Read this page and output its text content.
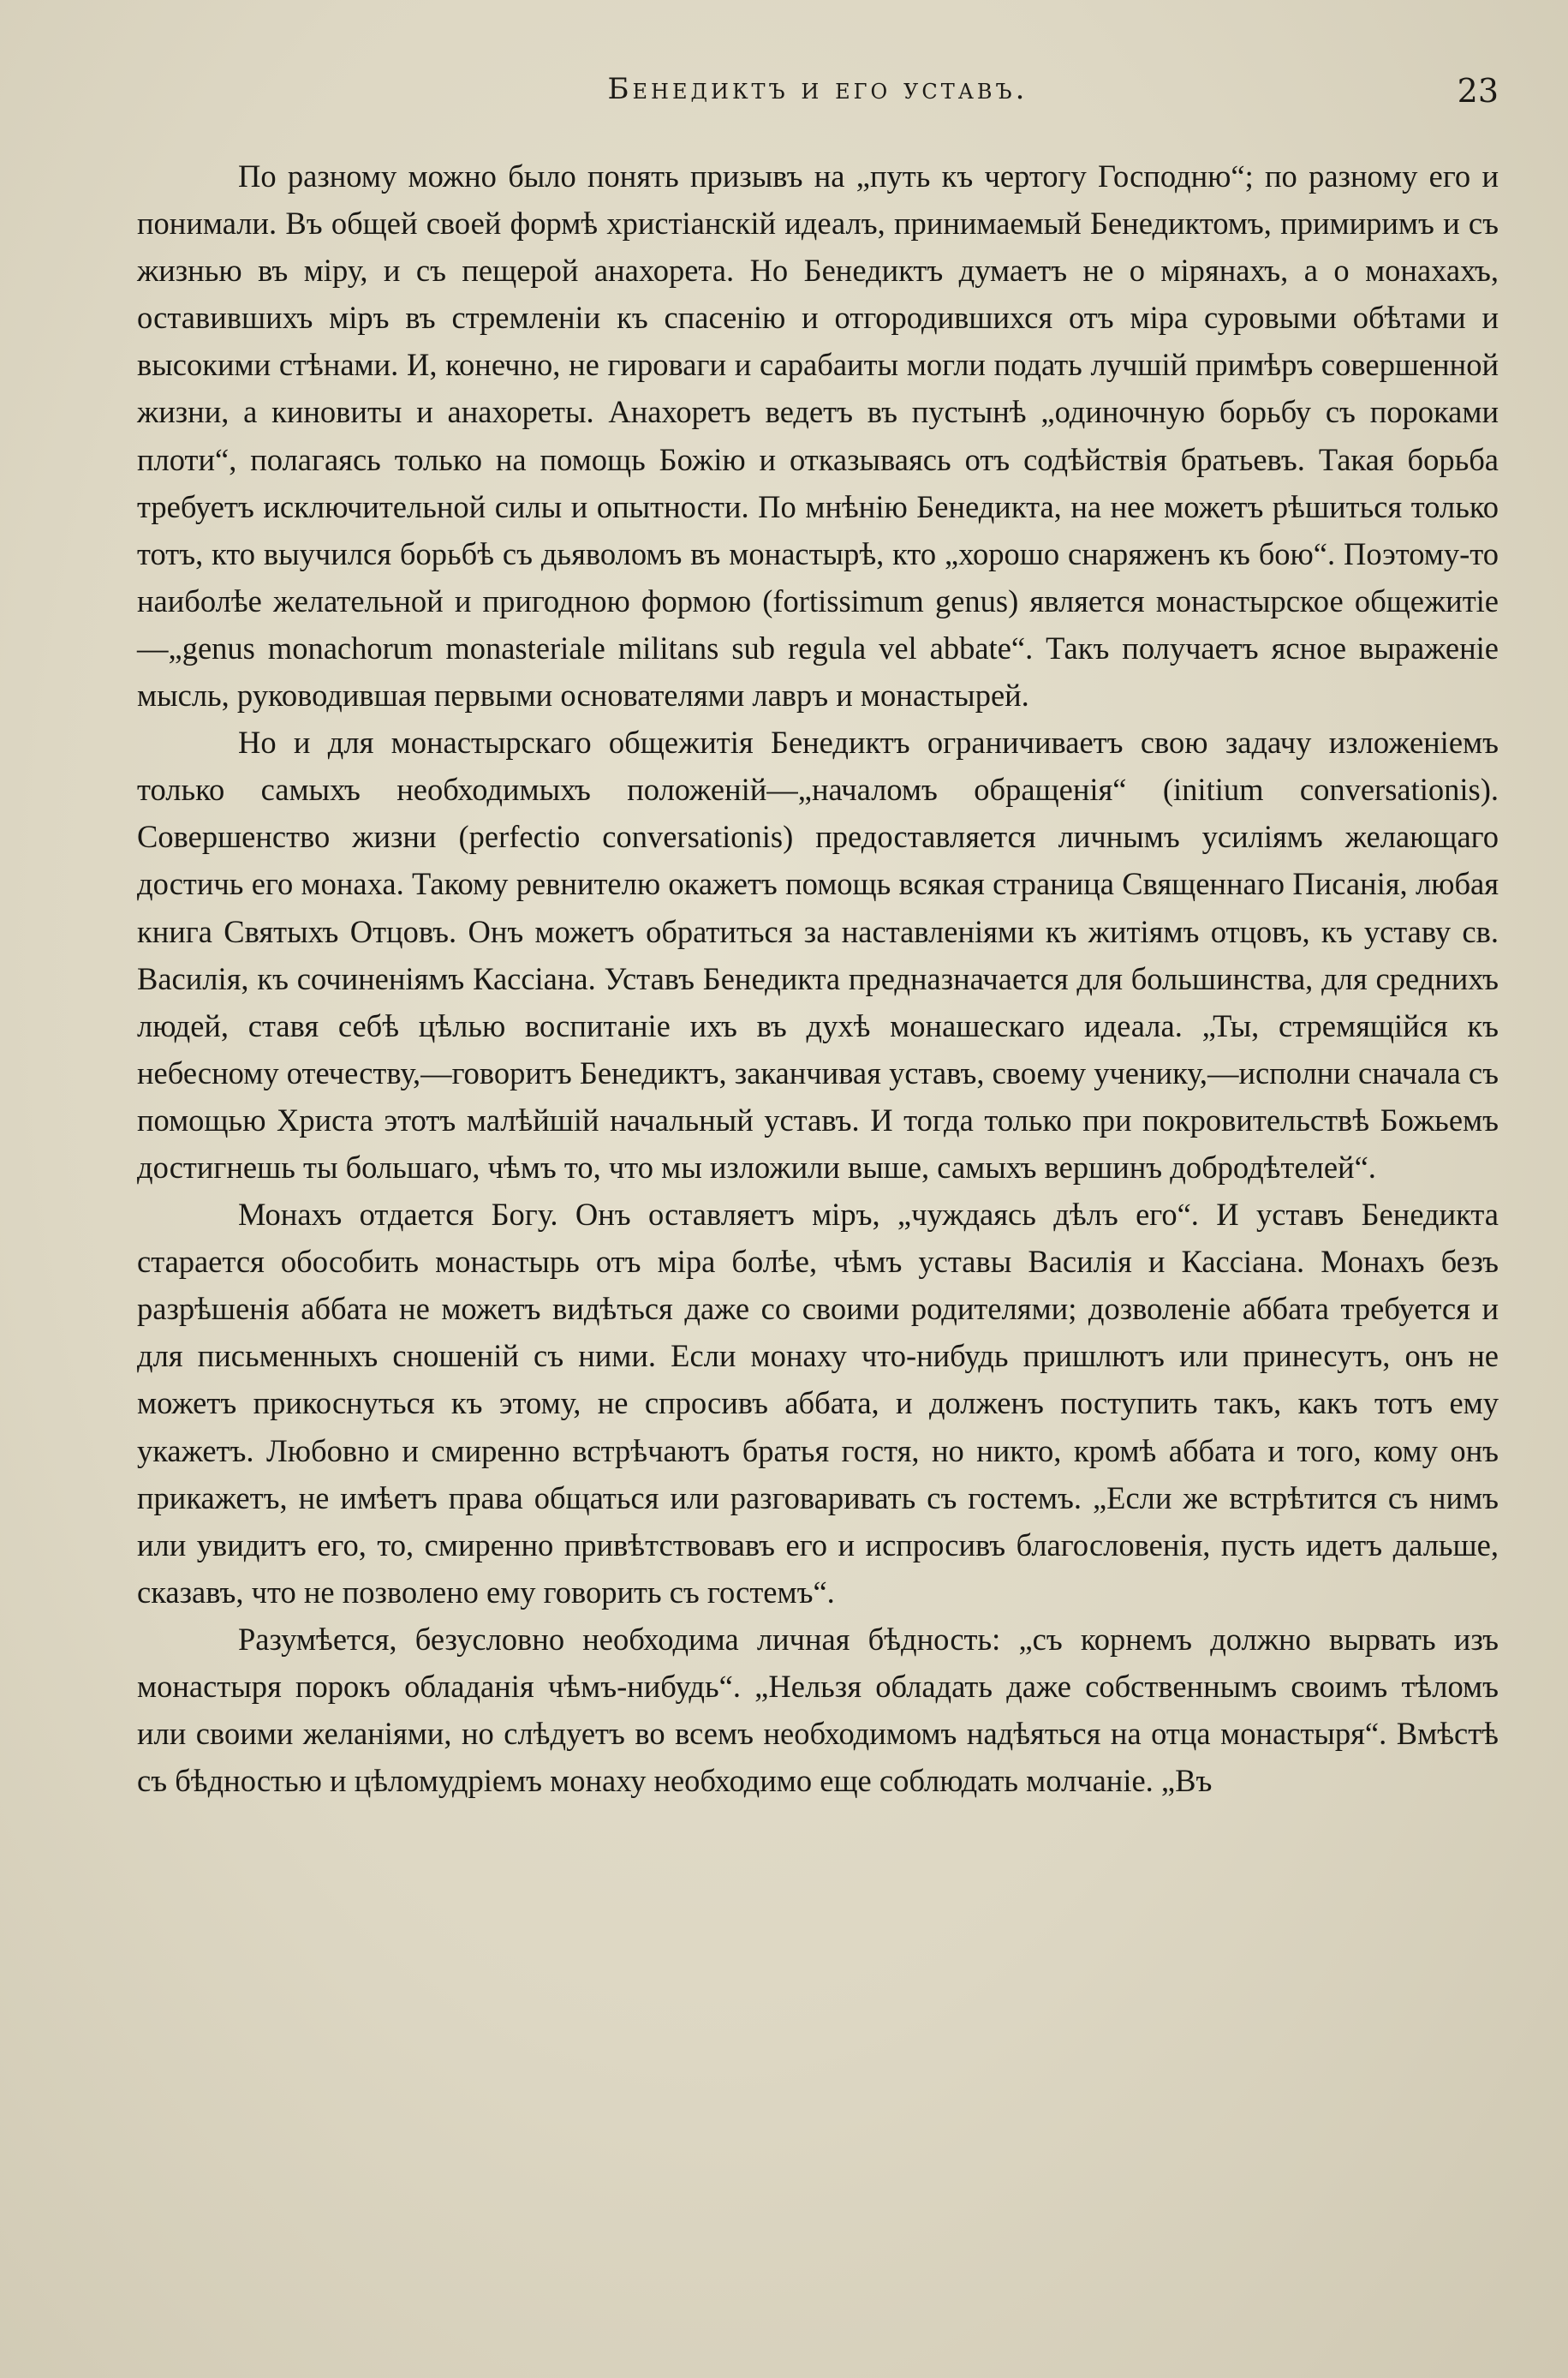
Бенедиктъ и его уставъ.	23

По разному можно было понять призывъ на „путь къ чертогу Господню“; по разному его и понимали. Въ общей своей формѣ христіанскій идеалъ, принимаемый Бенедиктомъ, примиримъ и съ жизнью въ міру, и съ пещерой анахорета. Но Бенедиктъ думаетъ не о мірянахъ, а о монахахъ, оставившихъ міръ въ стремленіи къ спасенію и отгородившихся отъ міра суровыми обѣтами и высокими стѣнами. И, конечно, не гироваги и сарабаиты могли подать лучшій примѣръ совершенной жизни, а киновиты и анахореты. Анахоретъ ведетъ въ пустынѣ „одиночную борьбу съ пороками плоти“, полагаясь только на помощь Божію и отказываясь отъ содѣйствія братьевъ. Такая борьба требуетъ исключительной силы и опытности. По мнѣнію Бенедикта, на нее можетъ рѣшиться только тотъ, кто выучился борьбѣ съ дьяволомъ въ монастырѣ, кто „хорошо снаряженъ къ бою“. Поэтому-то наиболѣе желательной и пригодною формою (fortissimum genus) является монастырское общежитіе—„genus monachorum monasteriale militans sub regula vel abbate“. Такъ получаетъ ясное выраженіе мысль, руководившая первыми основателями лавръ и монастырей.

Но и для монастырскаго общежитія Бенедиктъ ограничиваетъ свою задачу изложеніемъ только самыхъ необходимыхъ положеній—„началомъ обращенія“ (initium conversationis). Совершенство жизни (perfectio conversationis) предоставляется личнымъ усиліямъ желающаго достичь его монаха. Такому ревнителю окажетъ помощь всякая страница Священнаго Писанія, любая книга Святыхъ Отцовъ. Онъ можетъ обратиться за наставленіями къ житіямъ отцовъ, къ уставу св. Василія, къ сочиненіямъ Кассіана. Уставъ Бенедикта предназначается для большинства, для среднихъ людей, ставя себѣ цѣлью воспитаніе ихъ въ духѣ монашескаго идеала. „Ты, стремящійся къ небесному отечеству,—говоритъ Бенедиктъ, заканчивая уставъ, своему ученику,—исполни сначала съ помощью Христа этотъ малѣйшій начальный уставъ. И тогда только при покровительствѣ Божьемъ достигнешь ты большаго, чѣмъ то, что мы изложили выше, самыхъ вершинъ добродѣтелей“.

Монахъ отдается Богу. Онъ оставляетъ міръ, „чуждаясь дѣлъ его“. И уставъ Бенедикта старается обособить монастырь отъ міра болѣе, чѣмъ уставы Василія и Кассіана. Монахъ безъ разрѣшенія аббата не можетъ видѣться даже со своими родителями; дозволеніе аббата требуется и для письменныхъ сношеній съ ними. Если монаху что-нибудь пришлютъ или принесутъ, онъ не можетъ прикоснуться къ этому, не спросивъ аббата, и долженъ поступить такъ, какъ тотъ ему укажетъ. Любовно и смиренно встрѣчаютъ братья гостя, но никто, кромѣ аббата и того, кому онъ прикажетъ, не имѣетъ права общаться или разговаривать съ гостемъ. „Если же встрѣтится съ нимъ или увидитъ его, то, смиренно привѣтствовавъ его и испросивъ благословенія, пусть идетъ дальше, сказавъ, что не позволено ему говорить съ гостемъ“.

Разумѣется, безусловно необходима личная бѣдность: „съ корнемъ должно вырвать изъ монастыря порокъ обладанія чѣмъ-нибудь“. „Нельзя обладать даже собственнымъ своимъ тѣломъ или своими желаніями, но слѣдуетъ во всемъ необходимомъ надѣяться на отца монастыря“. Вмѣстѣ съ бѣдностью и цѣломудріемъ монаху необходимо еще соблюдать молчаніе. „Въ
